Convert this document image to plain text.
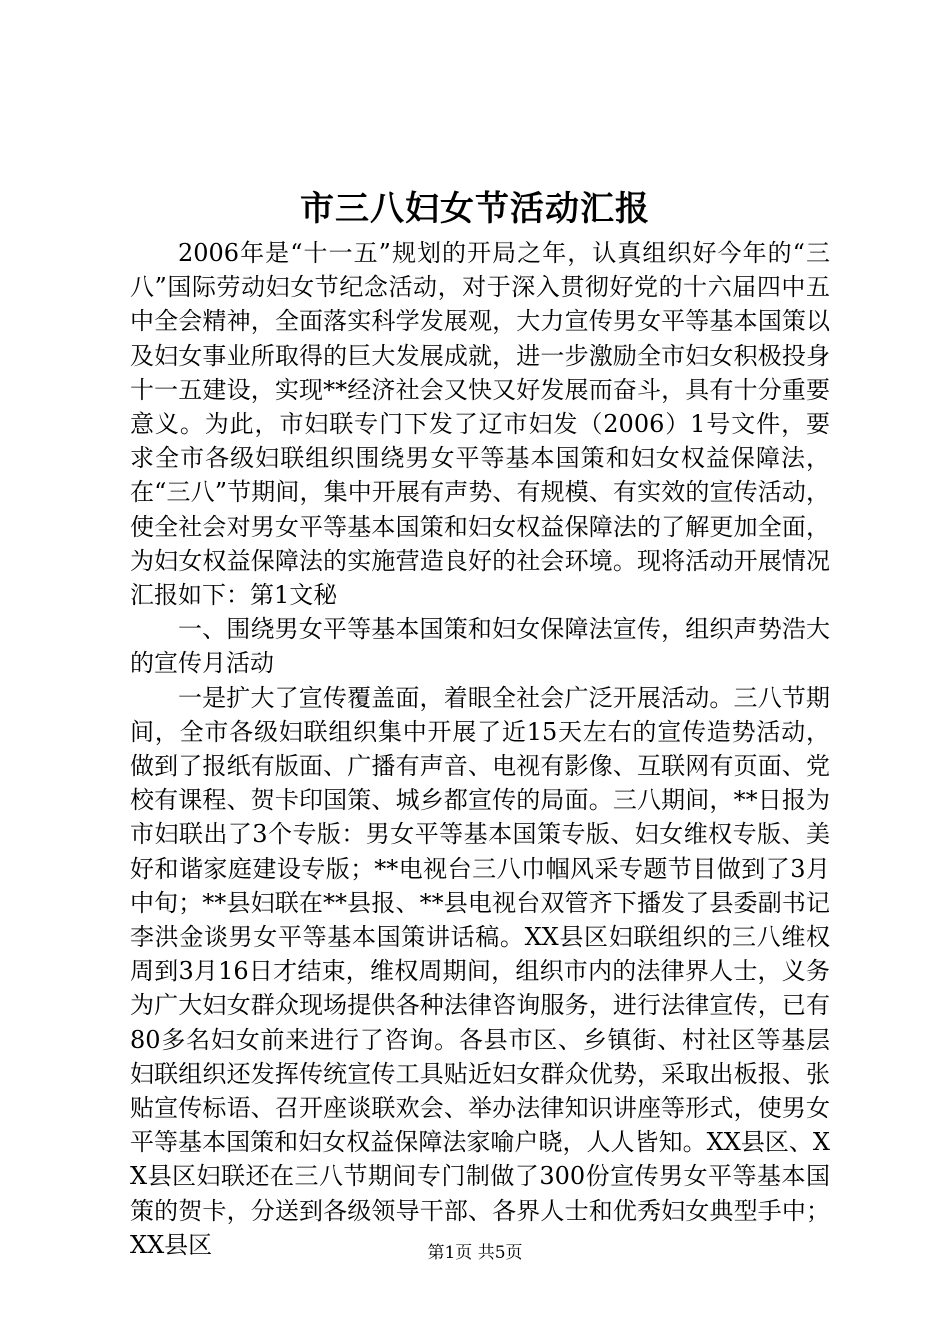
市三八妇女节活动汇报

2006年是“十一五”规划的开局之年，认真组织好今年的“三八”国际劳动妇女节纪念活动，对于深入贯彻好党的十六届四中五中全会精神，全面落实科学发展观，大力宣传男女平等基本国策以及妇女事业所取得的巨大发展成就，进一步激励全市妇女积极投身十一五建设，实现**经济社会又快又好发展而奋斗，具有十分重要意义。为此，市妇联专门下发了辽市妇发（2006）1号文件，要求全市各级妇联组织围绕男女平等基本国策和妇女权益保障法，在“三八”节期间，集中开展有声势、有规模、有实效的宣传活动，使全社会对男女平等基本国策和妇女权益保障法的了解更加全面，为妇女权益保障法的实施营造良好的社会环境。现将活动开展情况汇报如下：第1文秘

一、围绕男女平等基本国策和妇女保障法宣传，组织声势浩大的宣传月活动

一是扩大了宣传覆盖面，着眼全社会广泛开展活动。三八节期间，全市各级妇联组织集中开展了近15天左右的宣传造势活动，做到了报纸有版面、广播有声音、电视有影像、互联网有页面、党校有课程、贺卡印国策、城乡都宣传的局面。三八期间，**日报为市妇联出了3个专版：男女平等基本国策专版、妇女维权专版、美好和谐家庭建设专版；**电视台三八巾帼风采专题节目做到了3月中旬；**县妇联在**县报、**县电视台双管齐下播发了县委副书记李洪金谈男女平等基本国策讲话稿。XX县区妇联组织的三八维权周到3月16日才结束，维权周期间，组织市内的法律界人士，义务为广大妇女群众现场提供各种法律咨询服务，进行法律宣传，已有80多名妇女前来进行了咨询。各县市区、乡镇街、村社区等基层妇联组织还发挥传统宣传工具贴近妇女群众优势，采取出板报、张贴宣传标语、召开座谈联欢会、举办法律知识讲座等形式，使男女平等基本国策和妇女权益保障法家喻户晓，人人皆知。XX县区、XX县区妇联还在三八节期间专门制做了300份宣传男女平等基本国策的贺卡，分送到各级领导干部、各界人士和优秀妇女典型手中；XX县区	第1页 共5页
